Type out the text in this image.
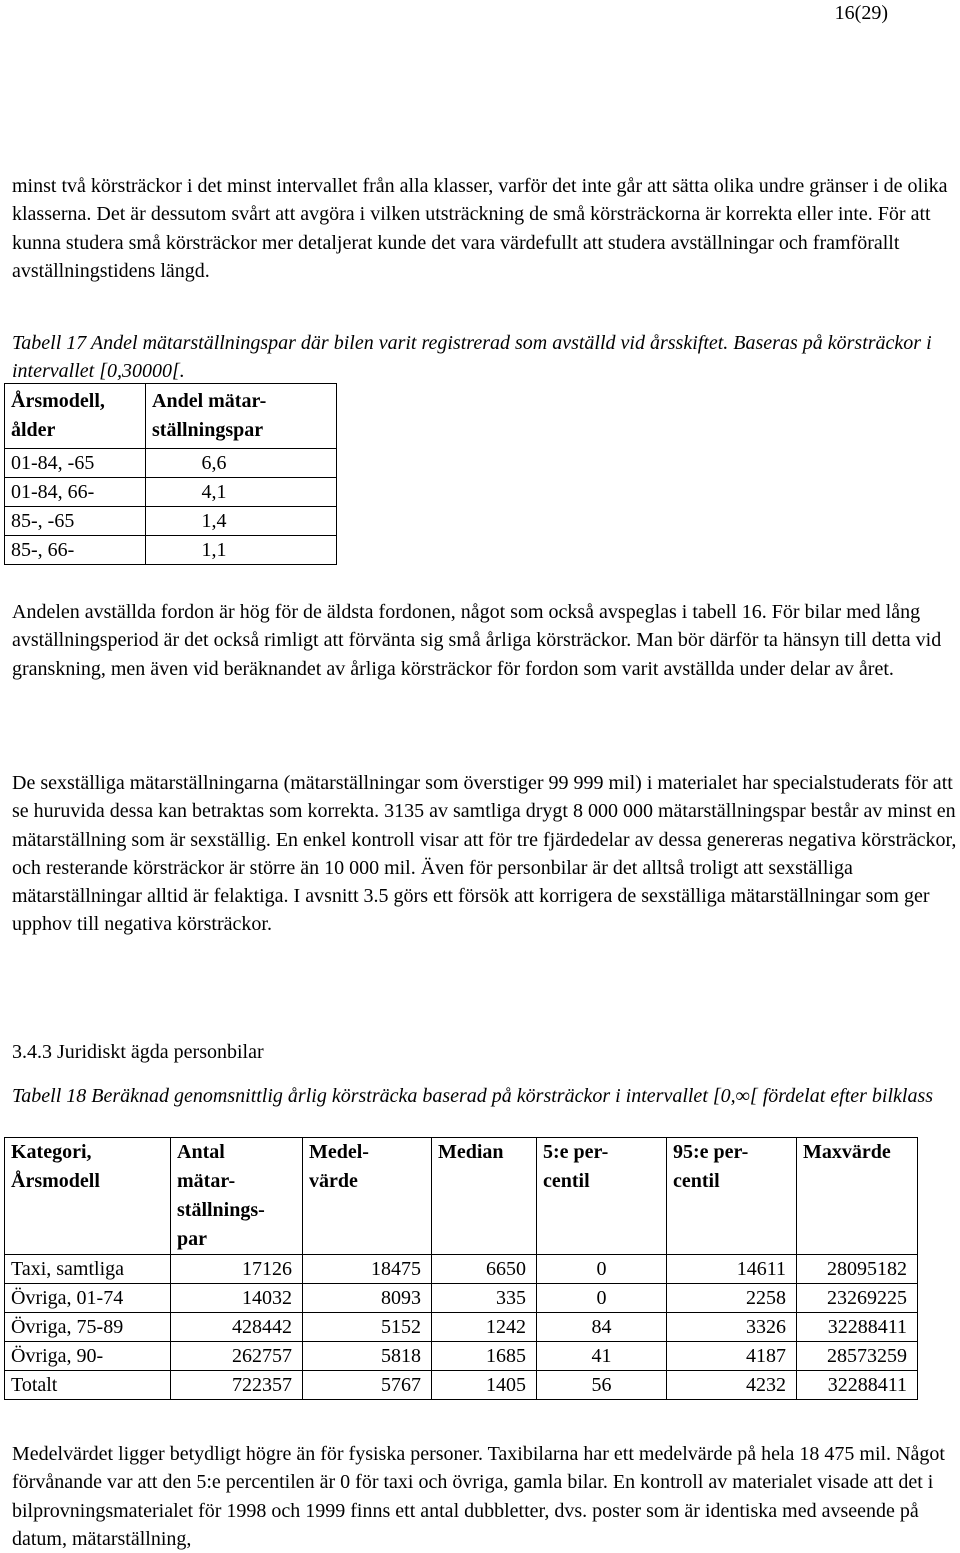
16(29)

minst två körsträckor i det minst intervallet från alla klasser, varför det inte går att sätta olika undre gränser i de olika klasserna. Det är dessutom svårt att avgöra i vilken utsträckning de små körsträckorna är korrekta eller inte. För att kunna studera små körsträckor mer detaljerat kunde det vara värdefullt att studera avställningar och framförallt avställningstidens längd.

Tabell 17 Andel mätarställningspar där bilen varit registrerad som avställd vid årsskiftet. Baseras på körsträckor i intervallet [0,30000[.

Årsmodell,
ålder	Andel mätar-
ställningspar
01-84, -65	6,6
01-84, 66-	4,1
85-, -65	1,4
85-, 66-	1,1

Andelen avställda fordon är hög för de äldsta fordonen, något som också avspeglas i tabell 16. För bilar med lång avställningsperiod är det också rimligt att förvänta sig små årliga körsträckor. Man bör därför ta hänsyn till detta vid granskning, men även vid beräknandet av årliga körsträckor för fordon som varit avställda under delar av året.

De sexställiga mätarställningarna (mätarställningar som överstiger 99 999 mil) i materialet har specialstuderats för att se huruvida dessa kan betraktas som korrekta. 3135 av samtliga drygt 8 000 000 mätarställningspar består av minst en mätarställning som är sexställig. En enkel kontroll visar att för tre fjärdedelar av dessa genereras negativa körsträckor, och resterande körsträckor är större än 10 000 mil. Även för personbilar är det alltså troligt att sexställiga mätarställningar alltid är felaktiga. I avsnitt 3.5 görs ett försök att korrigera de sexställiga mätarställningar som ger upphov till negativa körsträckor.

3.4.3 Juridiskt ägda personbilar

Tabell 18 Beräknad genomsnittlig årlig körsträcka baserad på körsträckor i intervallet [0,∞[ fördelat efter bilklass

Kategori,
Årsmodell	Antal
mätar-
ställnings-
par	Medel-
värde	Median	5:e per-
centil	95:e per-
centil	Maxvärde
Taxi, samtliga	17126	18475	6650	0	14611	28095182
Övriga, 01-74	14032	8093	335	0	2258	23269225
Övriga, 75-89	428442	5152	1242	84	3326	32288411
Övriga, 90-	262757	5818	1685	41	4187	28573259
Totalt	722357	5767	1405	56	4232	32288411

Medelvärdet ligger betydligt högre än för fysiska personer. Taxibilarna har ett medelvärde på hela 18 475 mil. Något förvånande var att den 5:e percentilen är 0 för taxi och övriga, gamla bilar. En kontroll av materialet visade att det i bilprovningsmaterialet för 1998 och 1999 finns ett antal dubbletter, dvs. poster som är identiska med avseende på datum, mätarställning,
